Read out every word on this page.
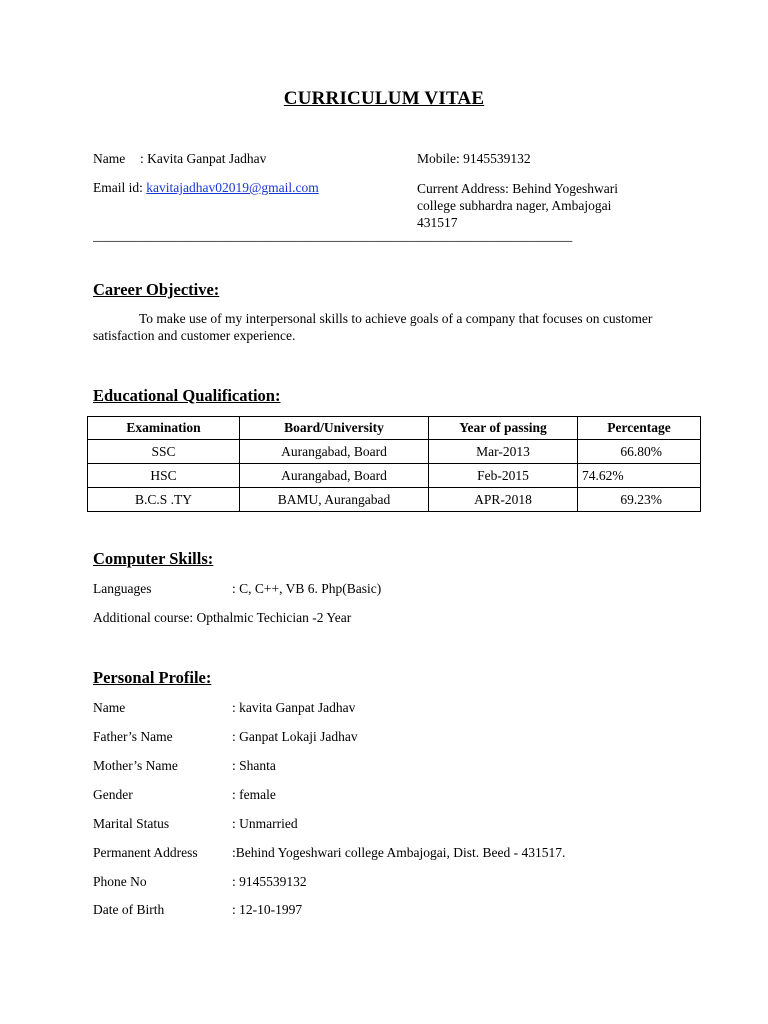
CURRICULUM VITAE
Name : Kavita Ganpat Jadhav	Mobile: 9145539132
Email id: kavitajadhav02019@gmail.com	Current Address: Behind Yogeshwari
college subhardra nager, Ambajogai
431517
_______________________________________________________________________
Career Objective:
To make use of my interpersonal skills to achieve goals of a company that focuses on customer satisfaction and customer experience.
Educational Qualification:
Examination	Board/University	Year of passing	Percentage
SSC	Aurangabad, Board	Mar-2013	66.80%
HSC	Aurangabad, Board	Feb-2015	74.62%
B.C.S .TY	BAMU, Aurangabad	APR-2018	69.23%
Computer Skills:
Languages	: C, C++, VB 6. Php(Basic)
Additional course: Opthalmic Techician -2 Year
Personal Profile:
Name	: kavita Ganpat Jadhav
Father’s Name	: Ganpat Lokaji Jadhav
Mother’s Name	: Shanta
Gender	: female
Marital Status	: Unmarried
Permanent Address	:Behind Yogeshwari college Ambajogai, Dist. Beed - 431517.
Phone No	: 9145539132
Date of Birth	: 12-10-1997
